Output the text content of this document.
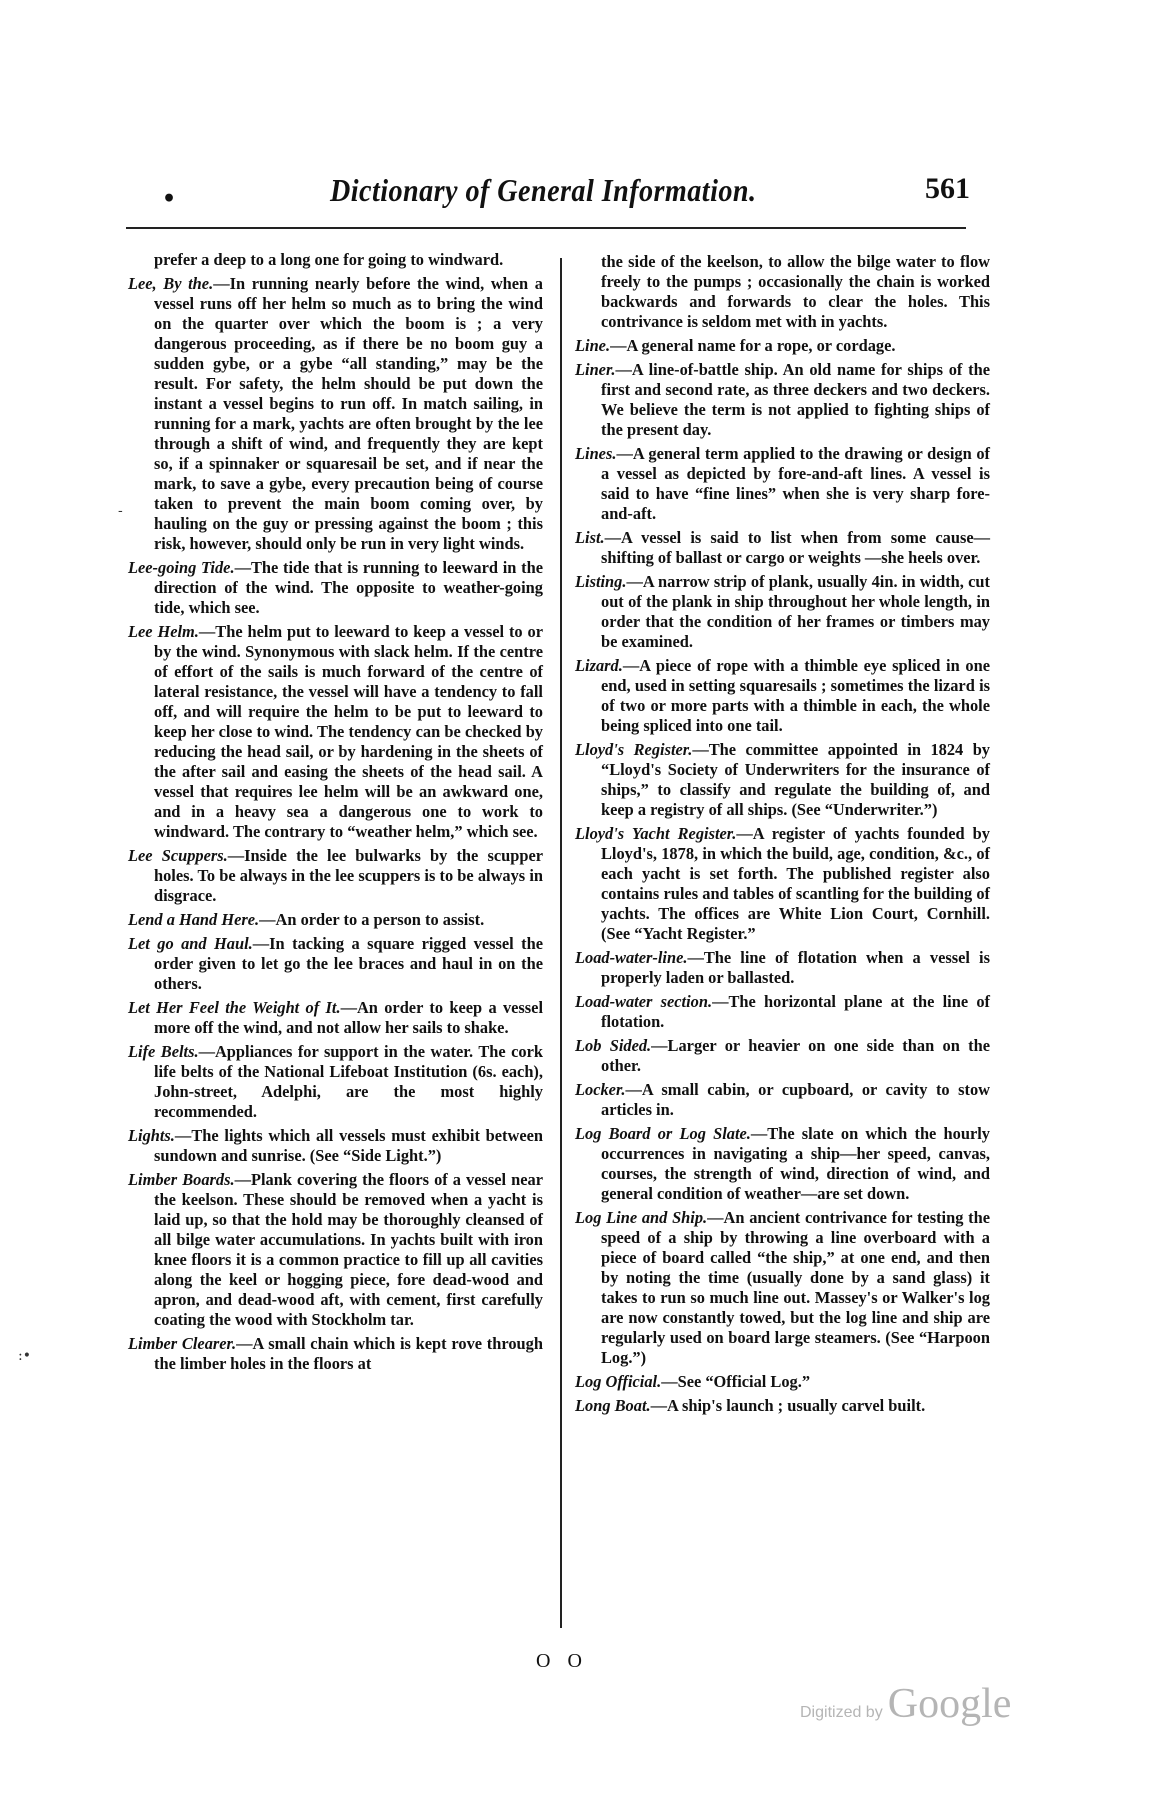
•	Dictionary of General Information.	561
-
:•

prefer a deep to a long one for going to windward.

Lee, By the.—In running nearly before the wind, when a vessel runs off her helm so much as to bring the wind on the quarter over which the boom is ; a very dangerous proceeding, as if there be no boom guy a sudden gybe, or a gybe “all standing,” may be the result. For safety, the helm should be put down the instant a vessel begins to run off. In match sailing, in running for a mark, yachts are often brought by the lee through a shift of wind, and frequently they are kept so, if a spinnaker or squaresail be set, and if near the mark, to save a gybe, every precaution being of course taken to prevent the main boom coming over, by hauling on the guy or pressing against the boom ; this risk, however, should only be run in very light winds.

Lee-going Tide.—The tide that is running to leeward in the direction of the wind. The opposite to weather-going tide, which see.

Lee Helm.—The helm put to leeward to keep a vessel to or by the wind. Synonymous with slack helm. If the centre of effort of the sails is much forward of the centre of lateral resistance, the vessel will have a tendency to fall off, and will require the helm to be put to leeward to keep her close to wind. The tendency can be checked by reducing the head sail, or by hardening in the sheets of the after sail and easing the sheets of the head sail. A vessel that requires lee helm will be an awkward one, and in a heavy sea a dangerous one to work to windward. The contrary to “weather helm,” which see.

Lee Scuppers.—Inside the lee bulwarks by the scupper holes. To be always in the lee scuppers is to be always in disgrace.

Lend a Hand Here.—An order to a person to assist.

Let go and Haul.—In tacking a square rigged vessel the order given to let go the lee braces and haul in on the others.

Let Her Feel the Weight of It.—An order to keep a vessel more off the wind, and not allow her sails to shake.

Life Belts.—Appliances for support in the water. The cork life belts of the National Lifeboat Institution (6s. each), John-street, Adelphi, are the most highly recommended.

Lights.—The lights which all vessels must exhibit between sundown and sunrise. (See “Side Light.”)

Limber Boards.—Plank covering the floors of a vessel near the keelson. These should be removed when a yacht is laid up, so that the hold may be thoroughly cleansed of all bilge water accumulations. In yachts built with iron knee floors it is a common practice to fill up all cavities along the keel or hogging piece, fore dead-wood and apron, and dead-wood aft, with cement, first carefully coating the wood with Stockholm tar.

Limber Clearer.—A small chain which is kept rove through the limber holes in the floors at

the side of the keelson, to allow the bilge water to flow freely to the pumps ; occasionally the chain is worked backwards and forwards to clear the holes. This contrivance is seldom met with in yachts.

Line.—A general name for a rope, or cordage.

Liner.—A line-of-battle ship. An old name for ships of the first and second rate, as three deckers and two deckers. We believe the term is not applied to fighting ships of the present day.

Lines.—A general term applied to the drawing or design of a vessel as depicted by fore-and-aft lines. A vessel is said to have “fine lines” when she is very sharp fore-and-aft.

List.—A vessel is said to list when from some cause—shifting of ballast or cargo or weights —she heels over.

Listing.—A narrow strip of plank, usually 4in. in width, cut out of the plank in ship throughout her whole length, in order that the condition of her frames or timbers may be examined.

Lizard.—A piece of rope with a thimble eye spliced in one end, used in setting squaresails ; sometimes the lizard is of two or more parts with a thimble in each, the whole being spliced into one tail.

Lloyd's Register.—The committee appointed in 1824 by “Lloyd's Society of Underwriters for the insurance of ships,” to classify and regulate the building of, and keep a registry of all ships. (See “Underwriter.”)

Lloyd's Yacht Register.—A register of yachts founded by Lloyd's, 1878, in which the build, age, condition, &c., of each yacht is set forth. The published register also contains rules and tables of scantling for the building of yachts. The offices are White Lion Court, Cornhill. (See “Yacht Register.”

Load-water-line.—The line of flotation when a vessel is properly laden or ballasted.

Load-water section.—The horizontal plane at the line of flotation.

Lob Sided.—Larger or heavier on one side than on the other.

Locker.—A small cabin, or cupboard, or cavity to stow articles in.

Log Board or Log Slate.—The slate on which the hourly occurrences in navigating a ship—her speed, canvas, courses, the strength of wind, direction of wind, and general condition of weather—are set down.

Log Line and Ship.—An ancient contrivance for testing the speed of a ship by throwing a line overboard with a piece of board called “the ship,” at one end, and then by noting the time (usually done by a sand glass) it takes to run so much line out. Massey's or Walker's log are now constantly towed, but the log line and ship are regularly used on board large steamers. (See “Harpoon Log.”)

Log Official.—See “Official Log.”

Long Boat.—A ship's launch ; usually carvel built.

O O
Digitized by Google
